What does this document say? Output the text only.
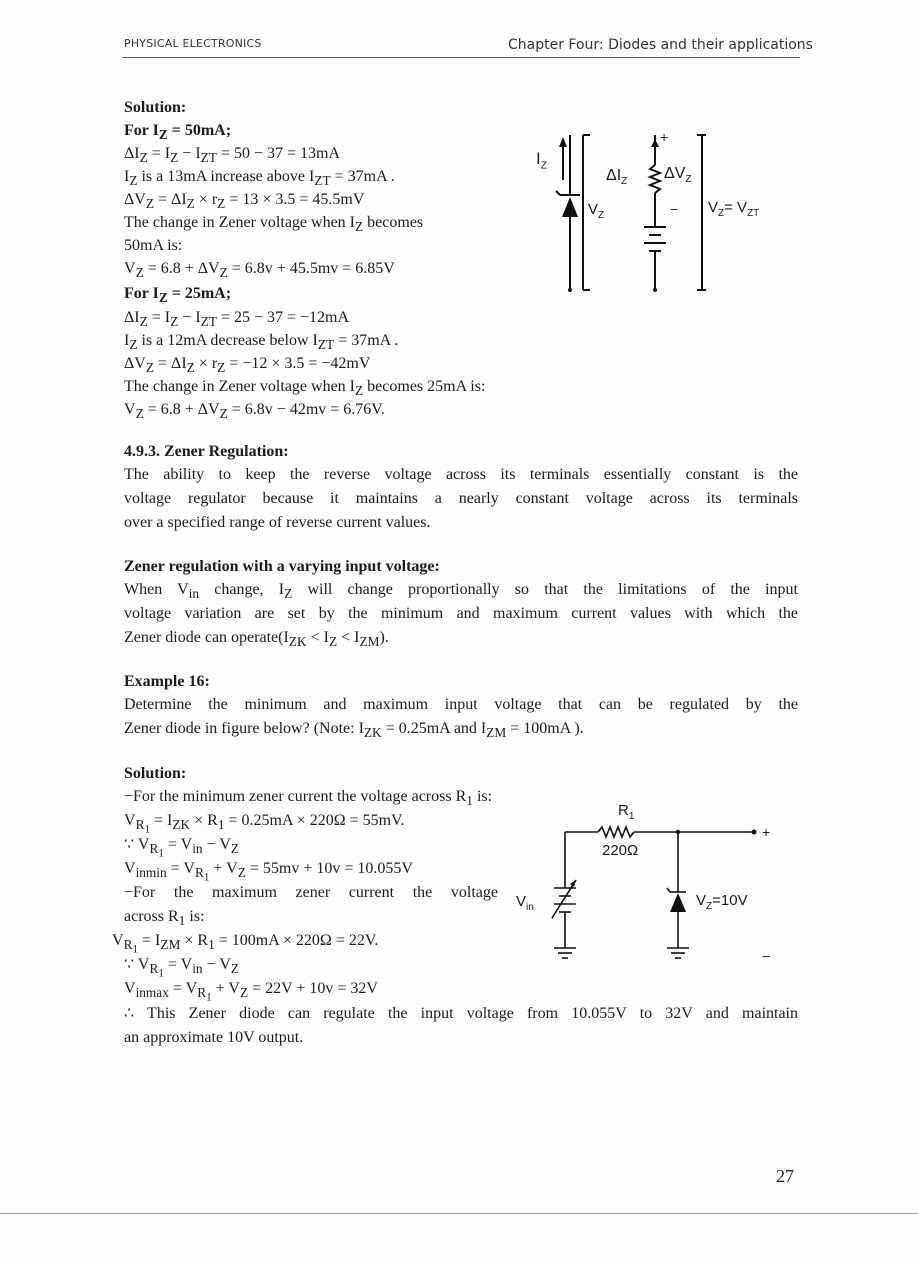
PHYSICAL ELECTRONICS	Chapter Four: Diodes and their applications
Solution:
For $I_Z = 50mA$;
$\Delta I_Z = I_Z - I_{ZT} = 50 - 37 = 13mA$
$I_Z$ is a 13mA increase above $I_{ZT} = 37mA$ .
$\Delta V_Z = \Delta I_Z \times r_Z = 13 \times 3.5 = 45.5mV$
The change in Zener voltage when $I_Z$ becomes
50mA is:
$V_Z = 6.8 + \Delta V_Z = 6.8v + 45.5mv = 6.85V$
For $I_Z = 25mA$;
$\Delta I_Z = I_Z - I_{ZT} = 25 - 37 = -12mA$
$I_Z$ is a 12mA decrease below $I_{ZT} = 37mA$ .
$\Delta V_Z = \Delta I_Z \times r_Z = -12 \times 3.5 = -42mV$
The change in Zener voltage when $I_Z$ becomes 25mA is:
$V_Z = 6.8 + \Delta V_Z = 6.8v - 42mv = 6.76V$.
4.9.3. Zener Regulation:
The ability to keep the reverse voltage across its terminals essentially constant is the
voltage regulator because it maintains a nearly constant voltage across its terminals
over a specified range of reverse current values.
Zener regulation with a varying input voltage:
When $V_{in}$ change, $I_Z$ will change proportionally so that the limitations of the input
voltage variation are set by the minimum and maximum current values with which the
Zener diode can $operate(I_{ZK} < I_Z < I_{ZM})$.
Example 16:
Determine the minimum and maximum input voltage that can be regulated by the
Zener diode in figure below? (Note: $I_{ZK} = 0.25mA$ and $I_{ZM} = 100mA$ ).
Solution:
−For the minimum zener current the voltage across $R_1$ is:
$V_{R_1} = I_{ZK} \times R_1 = 0.25mA \times 220\Omega = 55mV$.
∵ $V_{R_1} = V_{in} - V_Z$
$V_{inmin} = V_{R_1} + V_Z = 55mv + 10v = 10.055V$
−For the maximum zener current the voltage
across $R_1$ is:
$V_{R_1} = I_{ZM} \times R_1 = 100mA \times 220\Omega = 22V$.
∵ $V_{R_1} = V_{in} - V_Z$
$V_{inmax} = V_{R_1} + V_Z = 22V + 10v = 32V$
∴ This Zener diode can regulate the input voltage from 10.055V to 32V and maintain
an approximate 10V output.
$I_Z$
$V_Z$
$\Delta I_Z$ $\Delta V_Z$
$V_Z= V_{ZT}$
+
−
$R_1$
220Ω
$V_{in}$	$V_Z=10V$
+
−
27
